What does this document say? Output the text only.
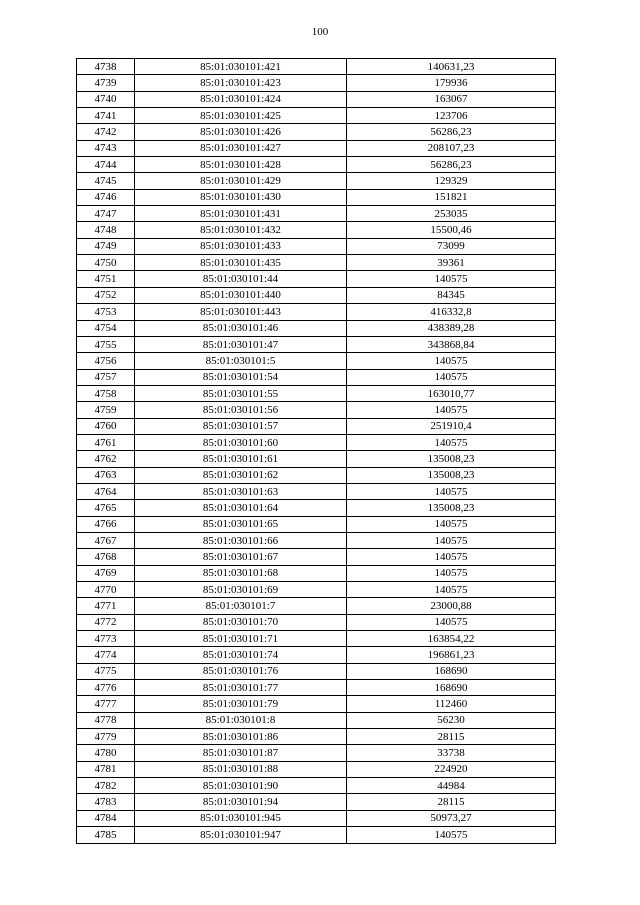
100
4738	85:01:030101:421	140631,23
4739	85:01:030101:423	179936
4740	85:01:030101:424	163067
4741	85:01:030101:425	123706
4742	85:01:030101:426	56286,23
4743	85:01:030101:427	208107,23
4744	85:01:030101:428	56286,23
4745	85:01:030101:429	129329
4746	85:01:030101:430	151821
4747	85:01:030101:431	253035
4748	85:01:030101:432	15500,46
4749	85:01:030101:433	73099
4750	85:01:030101:435	39361
4751	85:01:030101:44	140575
4752	85:01:030101:440	84345
4753	85:01:030101:443	416332,8
4754	85:01:030101:46	438389,28
4755	85:01:030101:47	343868,84
4756	85:01:030101:5	140575
4757	85:01:030101:54	140575
4758	85:01:030101:55	163010,77
4759	85:01:030101:56	140575
4760	85:01:030101:57	251910,4
4761	85:01:030101:60	140575
4762	85:01:030101:61	135008,23
4763	85:01:030101:62	135008,23
4764	85:01:030101:63	140575
4765	85:01:030101:64	135008,23
4766	85:01:030101:65	140575
4767	85:01:030101:66	140575
4768	85:01:030101:67	140575
4769	85:01:030101:68	140575
4770	85:01:030101:69	140575
4771	85:01:030101:7	23000,88
4772	85:01:030101:70	140575
4773	85:01:030101:71	163854,22
4774	85:01:030101:74	196861,23
4775	85:01:030101:76	168690
4776	85:01:030101:77	168690
4777	85:01:030101:79	112460
4778	85:01:030101:8	56230
4779	85:01:030101:86	28115
4780	85:01:030101:87	33738
4781	85:01:030101:88	224920
4782	85:01:030101:90	44984
4783	85:01:030101:94	28115
4784	85:01:030101:945	50973,27
4785	85:01:030101:947	140575
